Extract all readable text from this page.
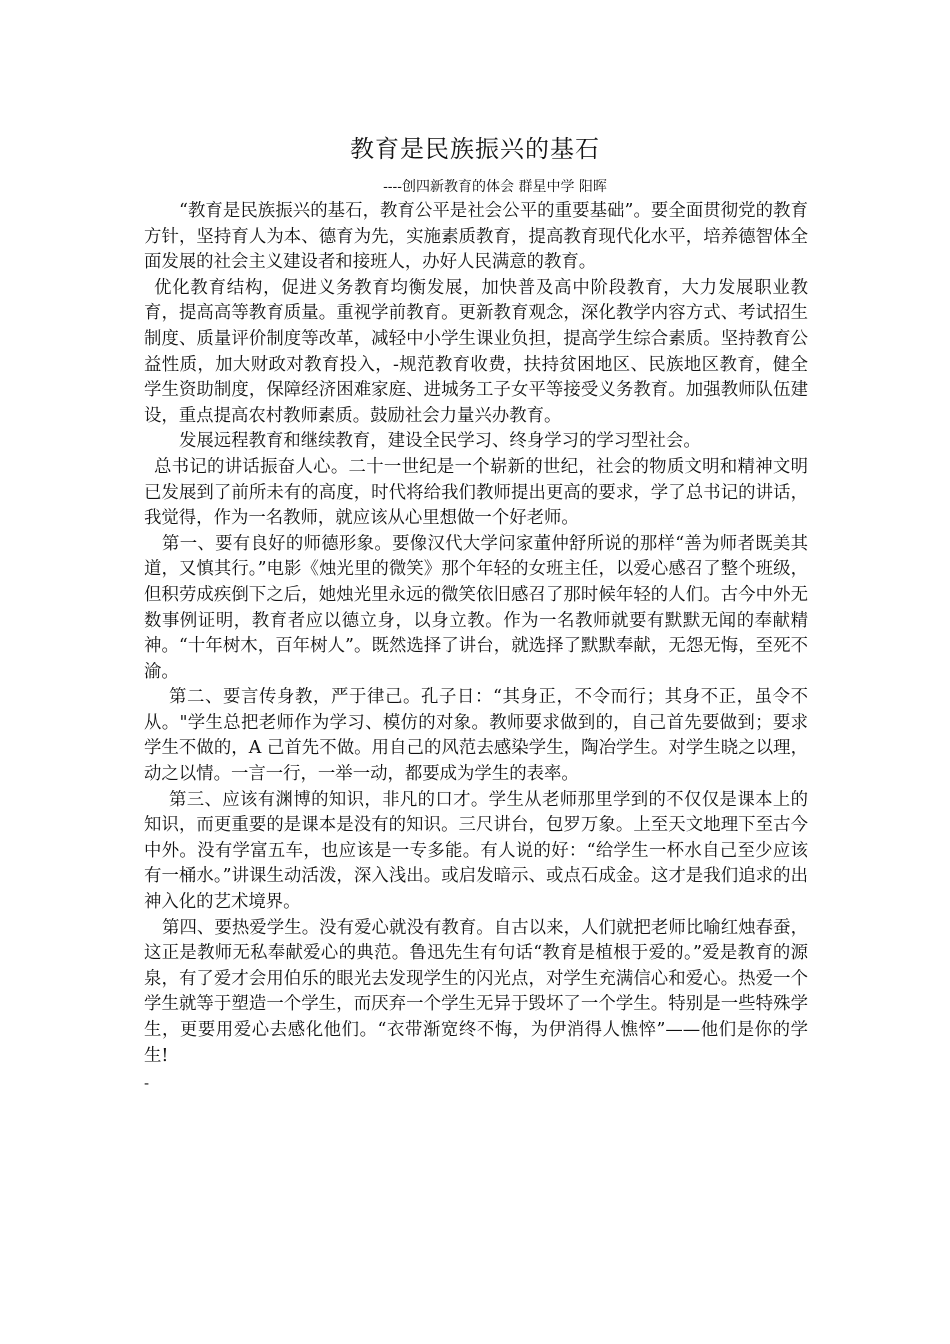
教育是民族振兴的基石
----创四新教育的体会 群星中学 阳晖

“教育是民族振兴的基石，教育公平是社会公平的重要基础”。要全面贯彻党的教育方针，坚持育人为本、德育为先，实施素质教育，提高教育现代化水平，培养德智体全面发展的社会主义建设者和接班人，办好人民满意的教育。

优化教育结构，促进义务教育均衡发展，加快普及高中阶段教育，大力发展职业教育，提高高等教育质量。重视学前教育。更新教育观念，深化教学内容方式、考试招生制度、质量评价制度等改革，减轻中小学生课业负担，提高学生综合素质。坚持教育公益性质，加大财政对教育投入，-规范教育收费，扶持贫困地区、民族地区教育，健全学生资助制度，保障经济困难家庭、进城务工子女平等接受义务教育。加强教师队伍建设，重点提高农村教师素质。鼓励社会力量兴办教育。

发展远程教育和继续教育，建设全民学习、终身学习的学习型社会。

总书记的讲话振奋人心。二十一世纪是一个崭新的世纪，社会的物质文明和精神文明已发展到了前所未有的高度，时代将给我们教师提出更高的要求，学了总书记的讲话，我觉得，作为一名教师，就应该从心里想做一个好老师。

第一、要有良好的师德形象。要像汉代大学问家董仲舒所说的那样“善为师者既美其道，又慎其行。”电影《烛光里的微笑》那个年轻的女班主任，以爱心感召了整个班级，但积劳成疾倒下之后，她烛光里永远的微笑依旧感召了那时候年轻的人们。古今中外无数事例证明，教育者应以德立身，以身立教。作为一名教师就要有默默无闻的奉献精神。“十年树木，百年树人”。既然选择了讲台，就选择了默默奉献，无怨无悔，至死不渝。

第二、要言传身教，严于律己。孔子日：“其身正，不令而行；其身不正，虽令不从。"学生总把老师作为学习、模仿的对象。教师要求做到的，自己首先要做到；要求学生不做的，A 己首先不做。用自己的风范去感染学生，陶冶学生。对学生晓之以理，动之以情。一言一行，一举一动，都要成为学生的表率。

第三、应该有渊博的知识，非凡的口才。学生从老师那里学到的不仅仅是课本上的知识，而更重要的是课本是没有的知识。三尺讲台，包罗万象。上至天文地理下至古今中外。没有学富五车，也应该是一专多能。有人说的好：“给学生一杯水自己至少应该有一桶水。”讲课生动活泼，深入浅出。或启发暗示、或点石成金。这才是我们追求的出神入化的艺术境界。

第四、要热爱学生。没有爱心就没有教育。自古以来，人们就把老师比喻红烛春蚕，这正是教师无私奉献爱心的典范。鲁迅先生有句话“教育是植根于爱的。”爱是教育的源泉，有了爱才会用伯乐的眼光去发现学生的闪光点，对学生充满信心和爱心。热爱一个学生就等于塑造一个学生，而厌弃一个学生无异于毁坏了一个学生。特别是一些特殊学生，更要用爱心去感化他们。“衣带渐宽终不悔，为伊消得人憔悴”——他们是你的学生!

-
